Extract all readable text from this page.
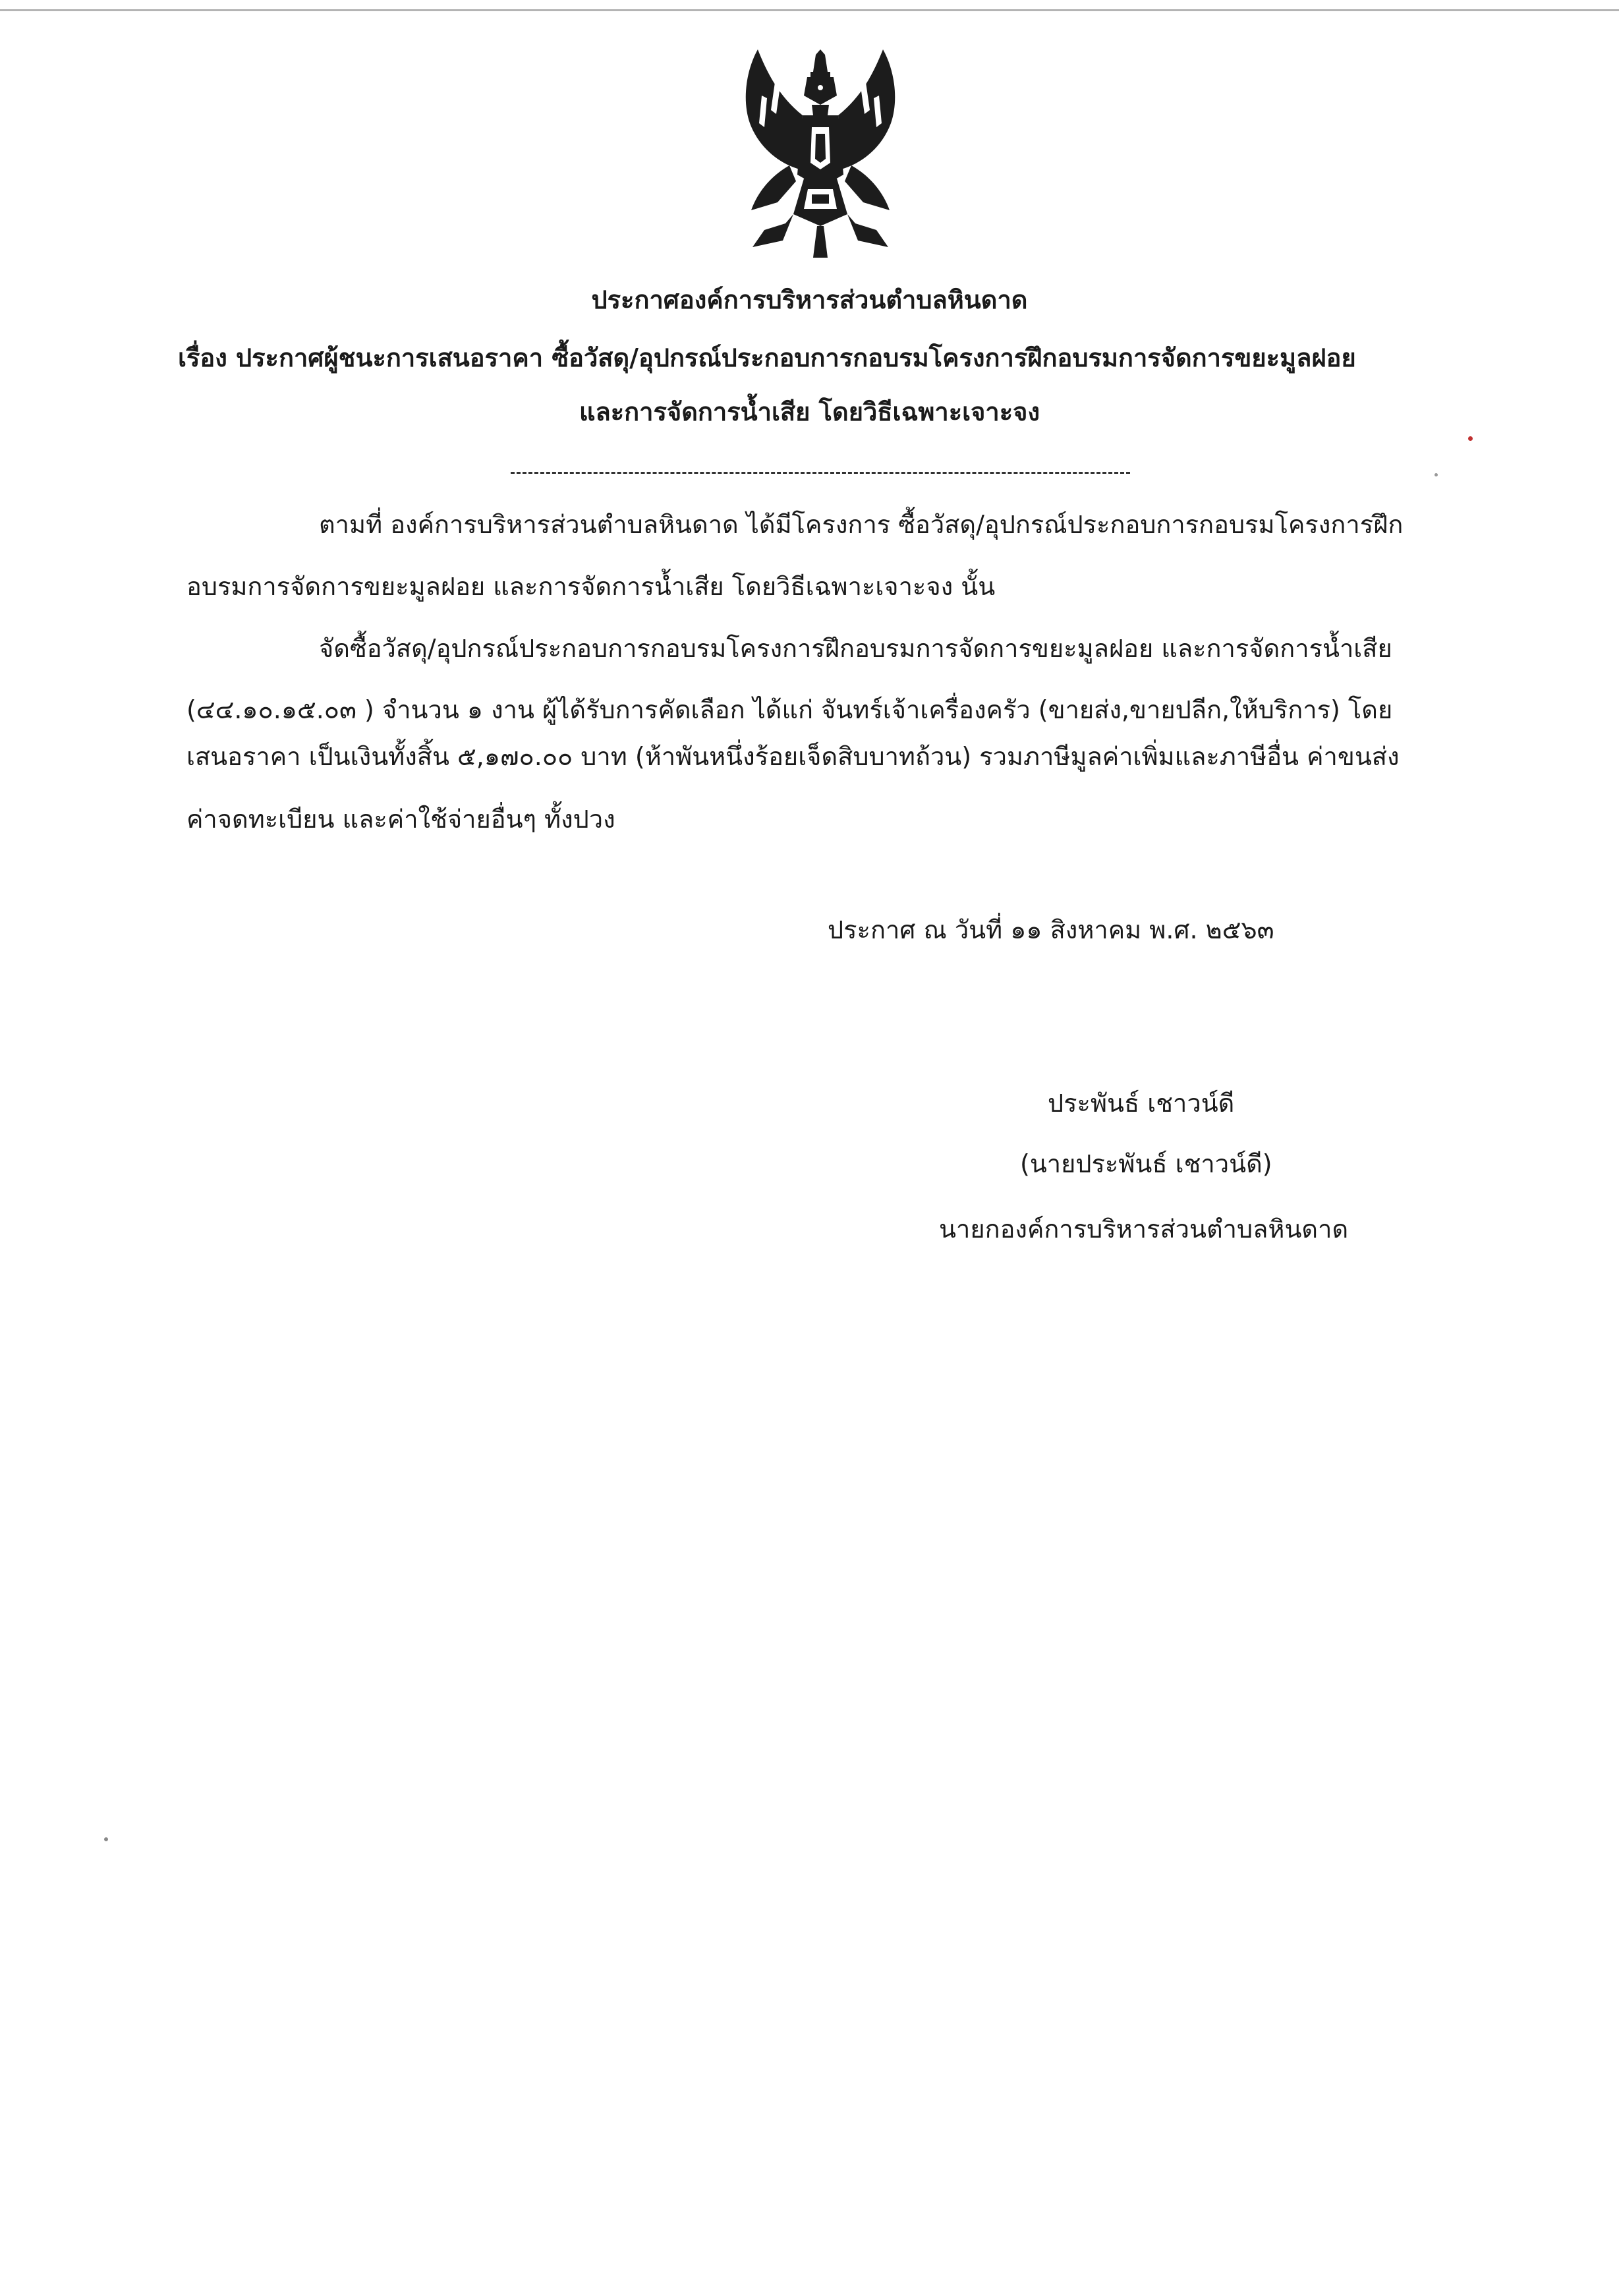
ประกาศองค์การบริหารส่วนตำบลหินดาด
เรื่อง ประกาศผู้ชนะการเสนอราคา ซื้อวัสดุ/อุปกรณ์ประกอบการกอบรมโครงการฝึกอบรมการจัดการขยะมูลฝอย
และการจัดการน้ำเสีย โดยวิธีเฉพาะเจาะจง
ตามที่ องค์การบริหารส่วนตำบลหินดาด ได้มีโครงการ ซื้อวัสดุ/อุปกรณ์ประกอบการกอบรมโครงการฝึก
อบรมการจัดการขยะมูลฝอย และการจัดการน้ำเสีย โดยวิธีเฉพาะเจาะจง นั้น
จัดซื้อวัสดุ/อุปกรณ์ประกอบการกอบรมโครงการฝึกอบรมการจัดการขยะมูลฝอย และการจัดการน้ำเสีย
(๔๔.๑๐.๑๕.๐๓ ) จำนวน ๑ งาน ผู้ได้รับการคัดเลือก ได้แก่ จันทร์เจ้าเครื่องครัว (ขายส่ง,ขายปลีก,ให้บริการ) โดย
เสนอราคา เป็นเงินทั้งสิ้น ๕,๑๗๐.๐๐ บาท (ห้าพันหนึ่งร้อยเจ็ดสิบบาทถ้วน) รวมภาษีมูลค่าเพิ่มและภาษีอื่น ค่าขนส่ง
ค่าจดทะเบียน และค่าใช้จ่ายอื่นๆ ทั้งปวง
ประกาศ ณ วันที่ ๑๑ สิงหาคม พ.ศ. ๒๕๖๓
ประพันธ์ เชาวน์ดี
(นายประพันธ์ เชาวน์ดี)
นายกองค์การบริหารส่วนตำบลหินดาด
